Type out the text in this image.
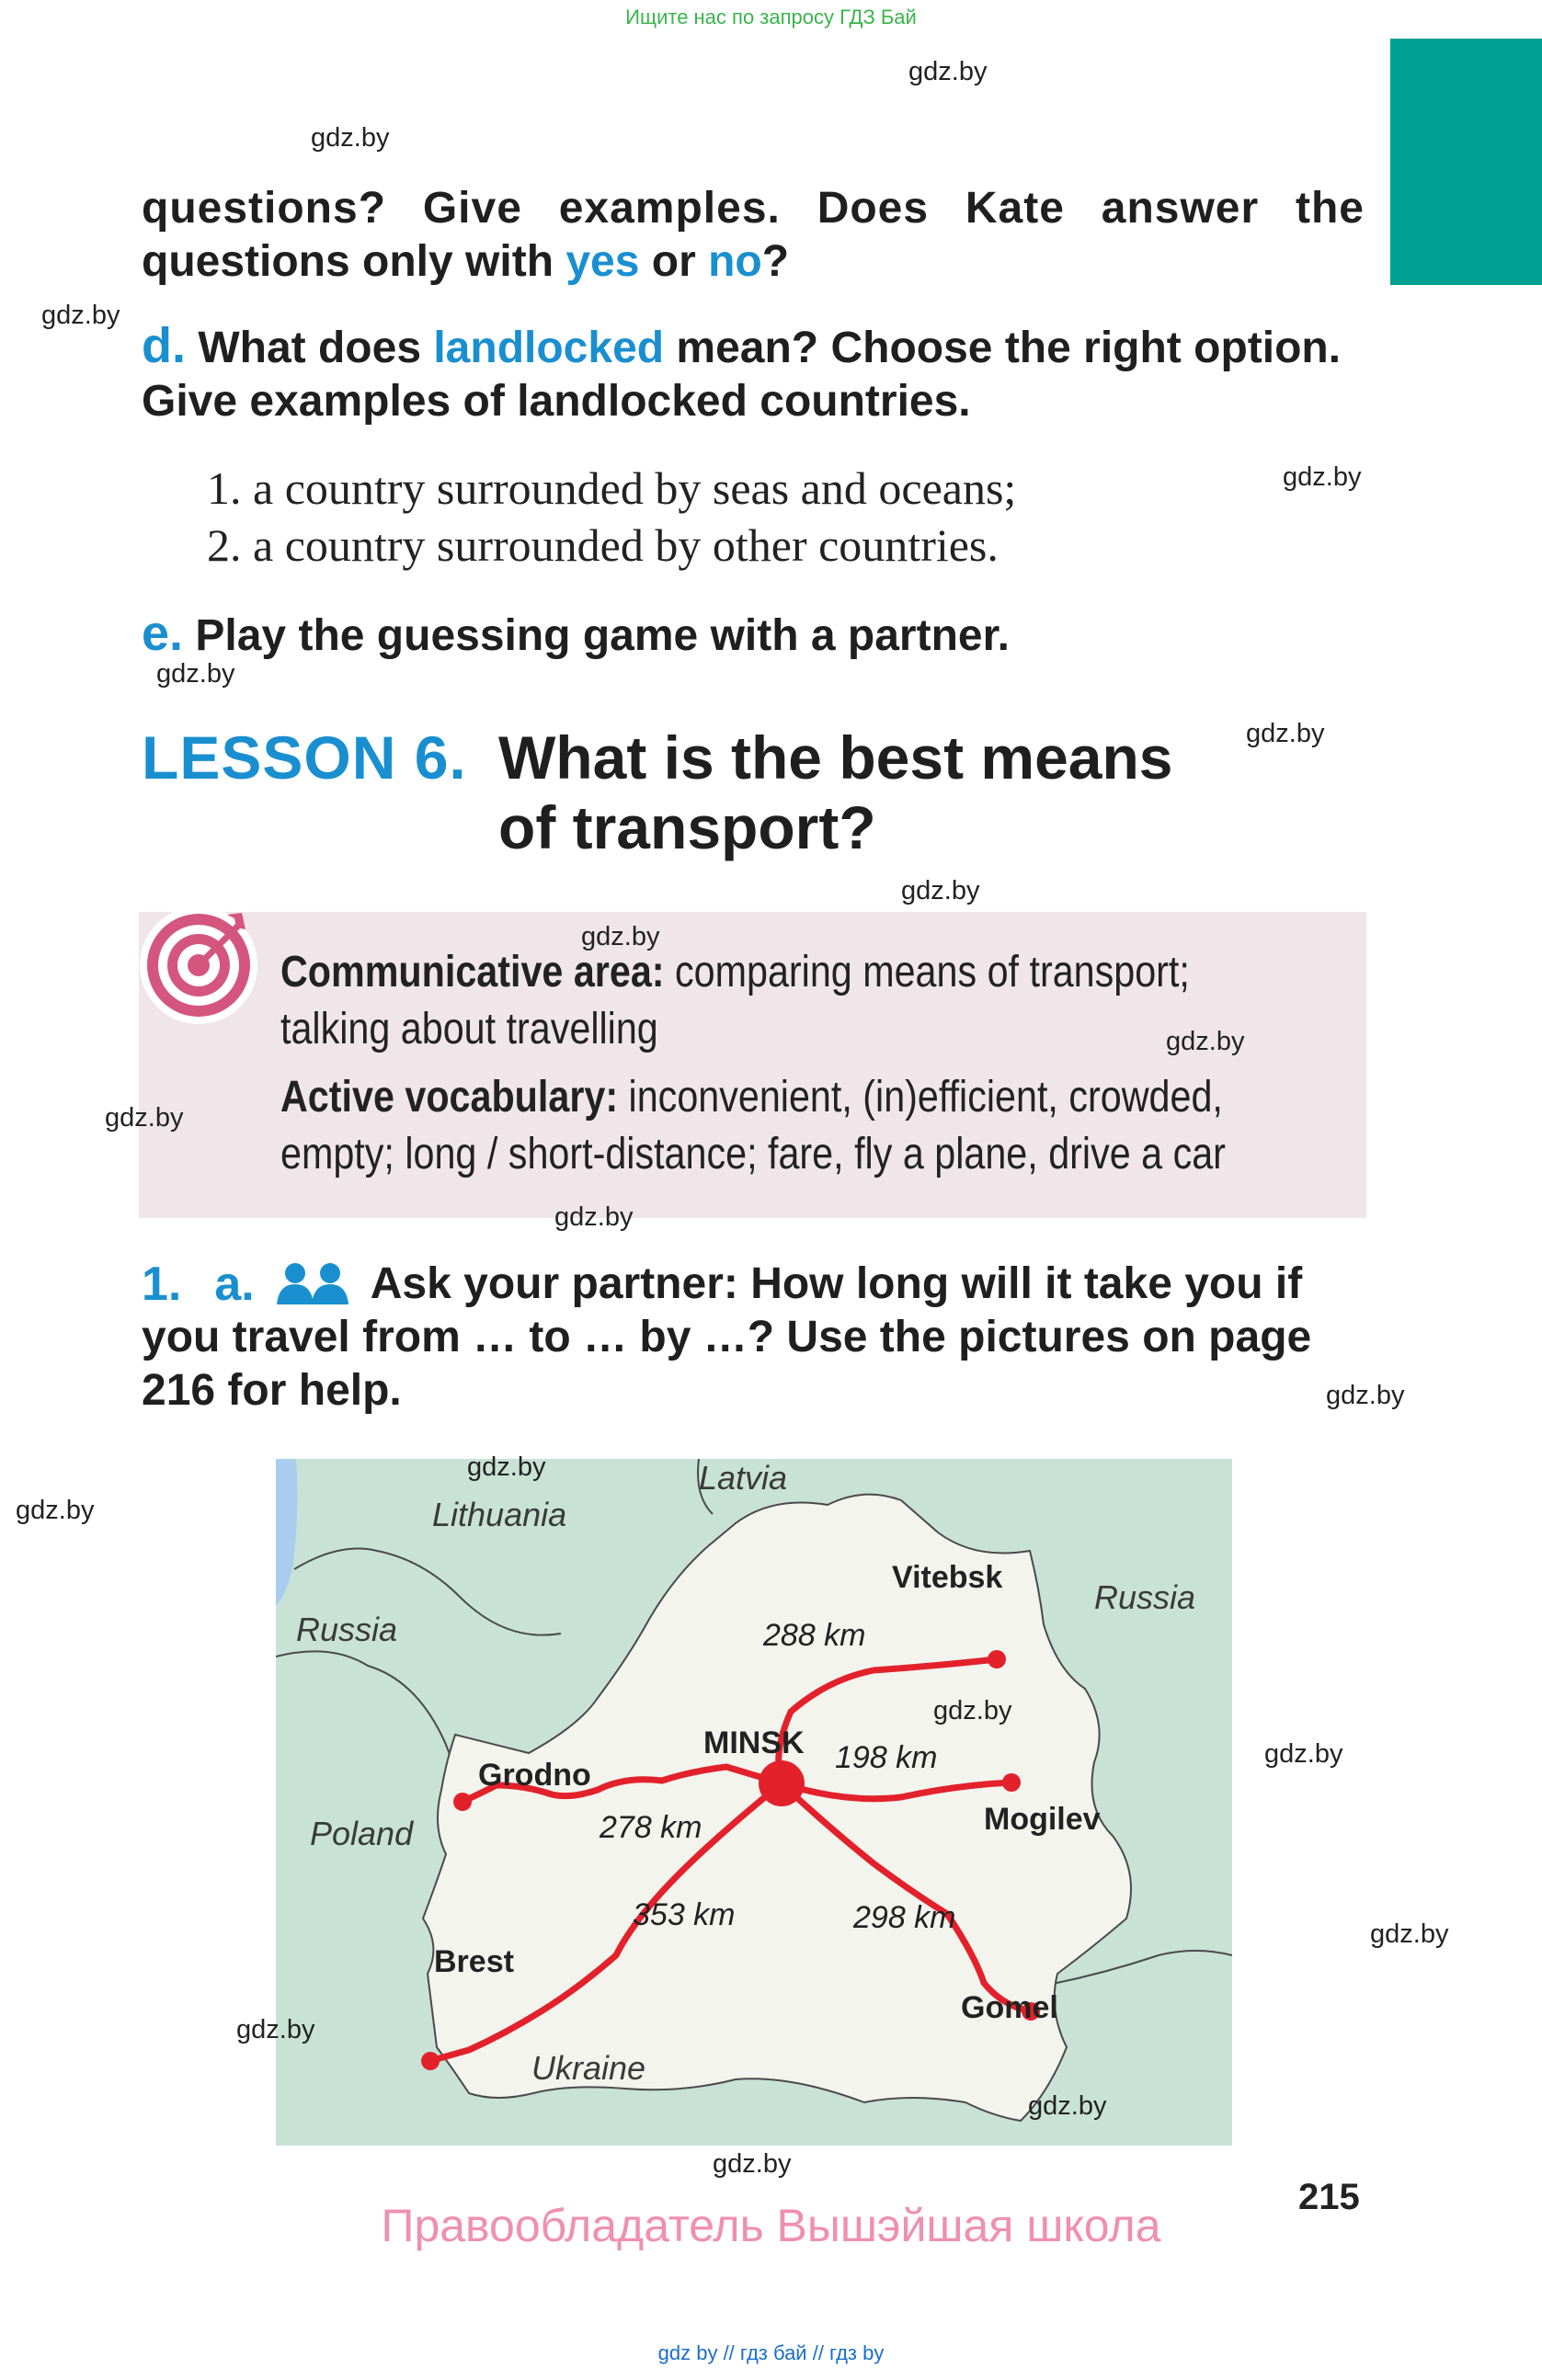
Ищите нас по запросу ГДЗ Бай
questions? Give examples. Does Kate answer the
questions only with yes or no?
d. What does landlocked mean? Choose the right option.
Give examples of landlocked countries.
1. a country surrounded by seas and oceans;
2. a country surrounded by other countries.
e. Play the guessing game with a partner.
LESSON 6. What is the best means
of transport?
Communicative area: comparing means of transport;
talking about travelling
Active vocabulary: inconvenient, (in)efficient, crowded,
empty; long / short-distance; fare, fly a plane, drive a car
1. a.	Ask your partner: How long will it take you if
you travel from … to … by …? Use the pictures on page
216 for help.
Latvia
Lithuania
Russia
Russia
Poland
Ukraine
MINSK
Vitebsk
Grodno
Mogilev
Brest
Gomel
288 km
278 km
198 km
353 km	298 km
gdz.by
gdz.by
gdz.by
gdz.by
gdz.by
gdz.by
gdz.by
gdz.by
gdz.by
gdz.by
gdz.by
gdz.by
gdz.by
gdz.by
gdz.by
gdz.by
gdz.by
gdz.by
gdz.by
gdz.by
215
Правообладатель Вышэйшая школа
gdz by // гдз бай // гдз by
